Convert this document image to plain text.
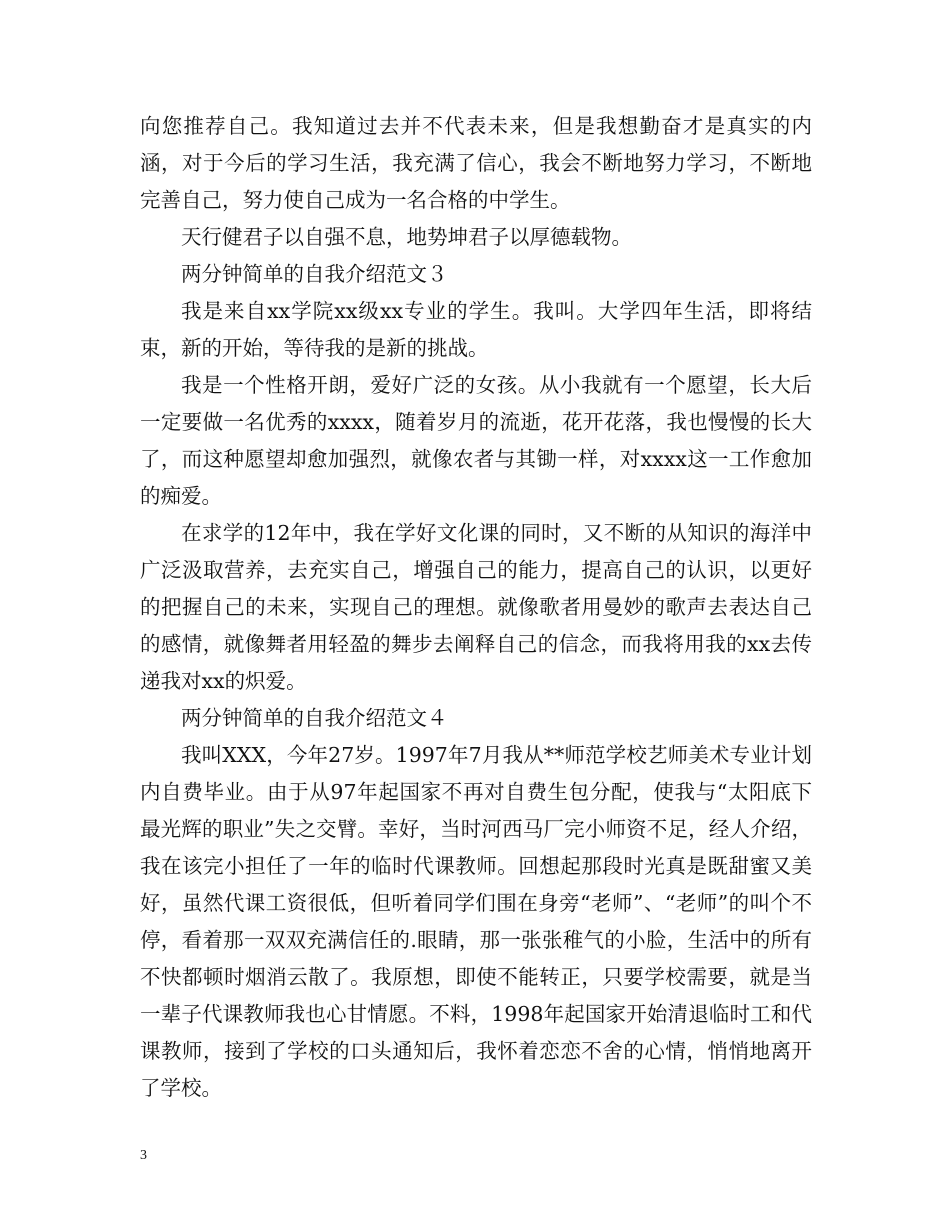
向您推荐自己。我知道过去并不代表未来，但是我想勤奋才是真实的内涵，对于今后的学习生活，我充满了信心，我会不断地努力学习，不断地完善自己，努力使自己成为一名合格的中学生。

天行健君子以自强不息，地势坤君子以厚德载物。

两分钟简单的自我介绍范文３

我是来自xx学院xx级xx专业的学生。我叫。大学四年生活，即将结束，新的开始，等待我的是新的挑战。

我是一个性格开朗，爱好广泛的女孩。从小我就有一个愿望，长大后一定要做一名优秀的xxxx，随着岁月的流逝，花开花落，我也慢慢的长大了，而这种愿望却愈加强烈，就像农者与其锄一样，对xxxx这一工作愈加的痴爱。

在求学的12年中，我在学好文化课的同时，又不断的从知识的海洋中广泛汲取营养，去充实自己，增强自己的能力，提高自己的认识，以更好的把握自己的未来，实现自己的理想。就像歌者用曼妙的歌声去表达自己的感情，就像舞者用轻盈的舞步去阐释自己的信念，而我将用我的xx去传递我对xx的炽爱。

两分钟简单的自我介绍范文４

我叫XXX，今年27岁。1997年7月我从**师范学校艺师美术专业计划内自费毕业。由于从97年起国家不再对自费生包分配，使我与“太阳底下最光辉的职业”失之交臂。幸好，当时河西马厂完小师资不足，经人介绍，我在该完小担任了一年的临时代课教师。回想起那段时光真是既甜蜜又美好，虽然代课工资很低，但听着同学们围在身旁“老师”、“老师”的叫个不停，看着那一双双充满信任的.眼睛，那一张张稚气的小脸，生活中的所有不快都顿时烟消云散了。我原想，即使不能转正，只要学校需要，就是当一辈子代课教师我也心甘情愿。不料，1998年起国家开始清退临时工和代课教师，接到了学校的口头通知后，我怀着恋恋不舍的心情，悄悄地离开了学校。

3
